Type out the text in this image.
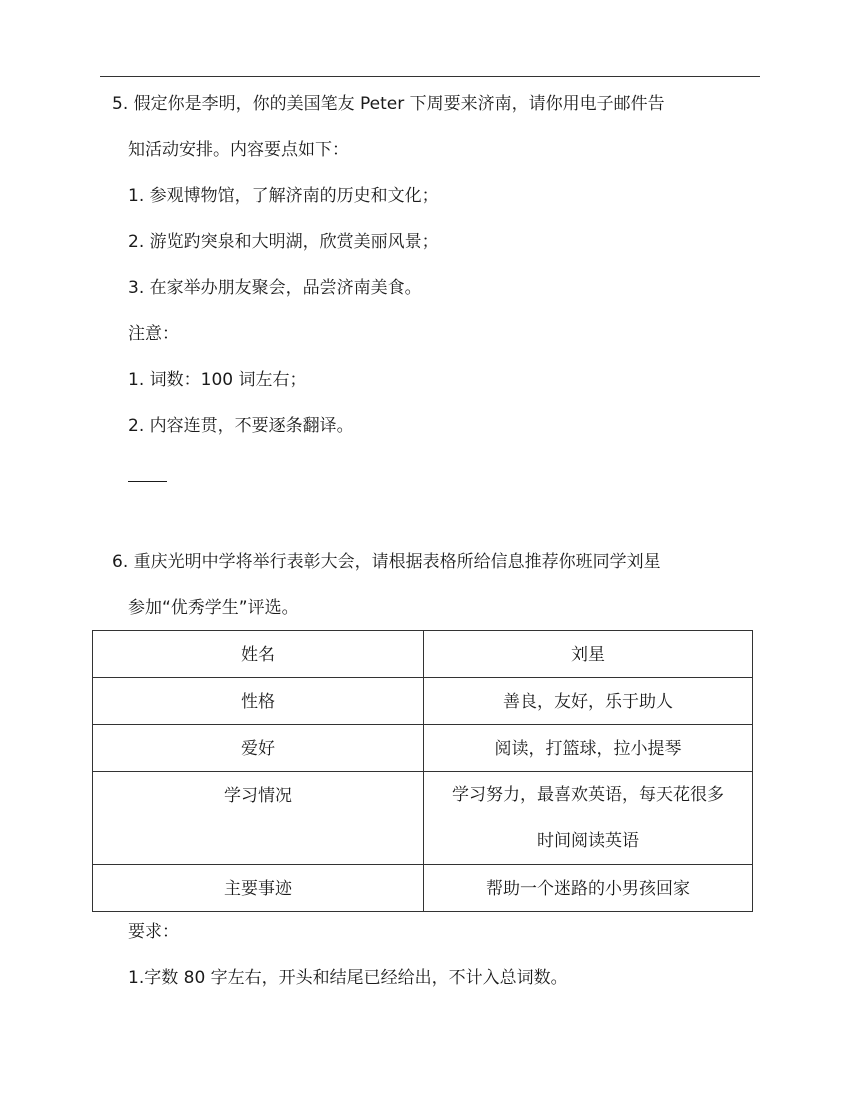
5. 假定你是李明，你的美国笔友 Peter 下周要来济南，请你用电子邮件告
知活动安排。内容要点如下：
1. 参观博物馆，了解济南的历史和文化；
2. 游览趵突泉和大明湖，欣赏美丽风景；
3. 在家举办朋友聚会，品尝济南美食。
注意：
1. 词数：100 词左右；
2. 内容连贯，不要逐条翻译。
6. 重庆光明中学将举行表彰大会，请根据表格所给信息推荐你班同学刘星
参加“优秀学生”评选。
姓名	刘星

性格	善良，友好，乐于助人

爱好	阅读，打篮球，拉小提琴

学习情况	学习努力，最喜欢英语，每天花很多
时间阅读英语

主要事迹	帮助一个迷路的小男孩回家
要求：
1.字数 80 字左右，开头和结尾已经给出，不计入总词数。
